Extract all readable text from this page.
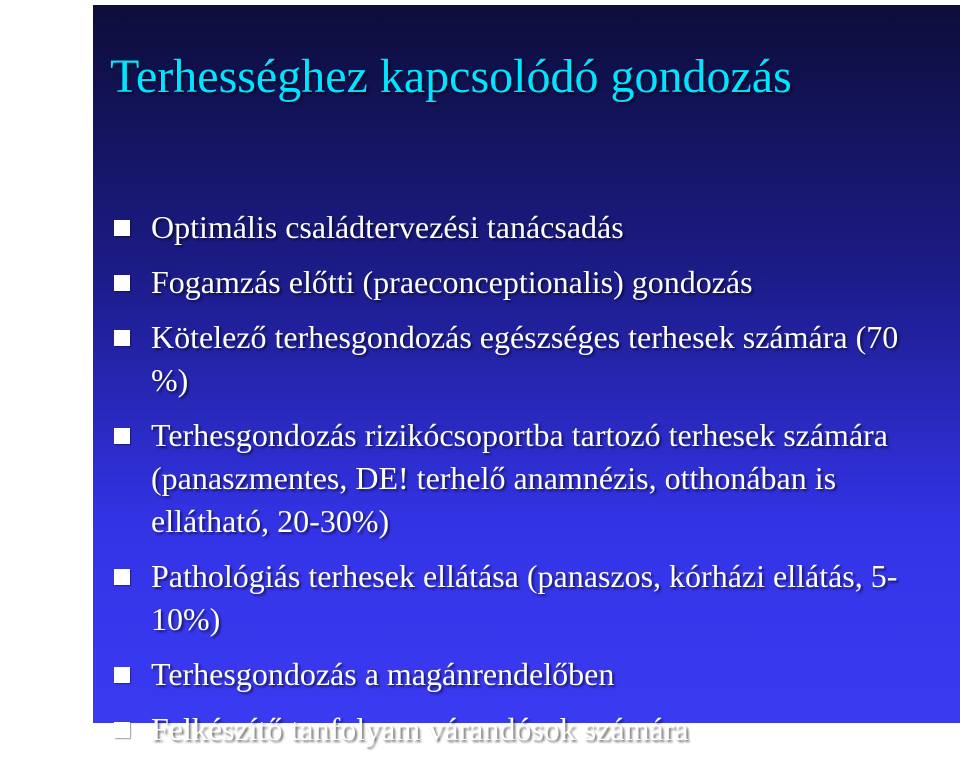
Terhességhez kapcsolódó gondozás
Optimális családtervezési tanácsadás
Fogamzás előtti (praeconceptionalis) gondozás
Kötelező terhesgondozás egészséges terhesek számára (70 %)
Terhesgondozás rizikócsoportba tartozó terhesek számára (panaszmentes, DE! terhelő anamnézis, otthonában is ellátható, 20-30%)
Pathológiás terhesek ellátása (panaszos, kórházi ellátás, 5-10%)
Terhesgondozás a magánrendelőben
Felkészítő tanfolyam várandósok számára
